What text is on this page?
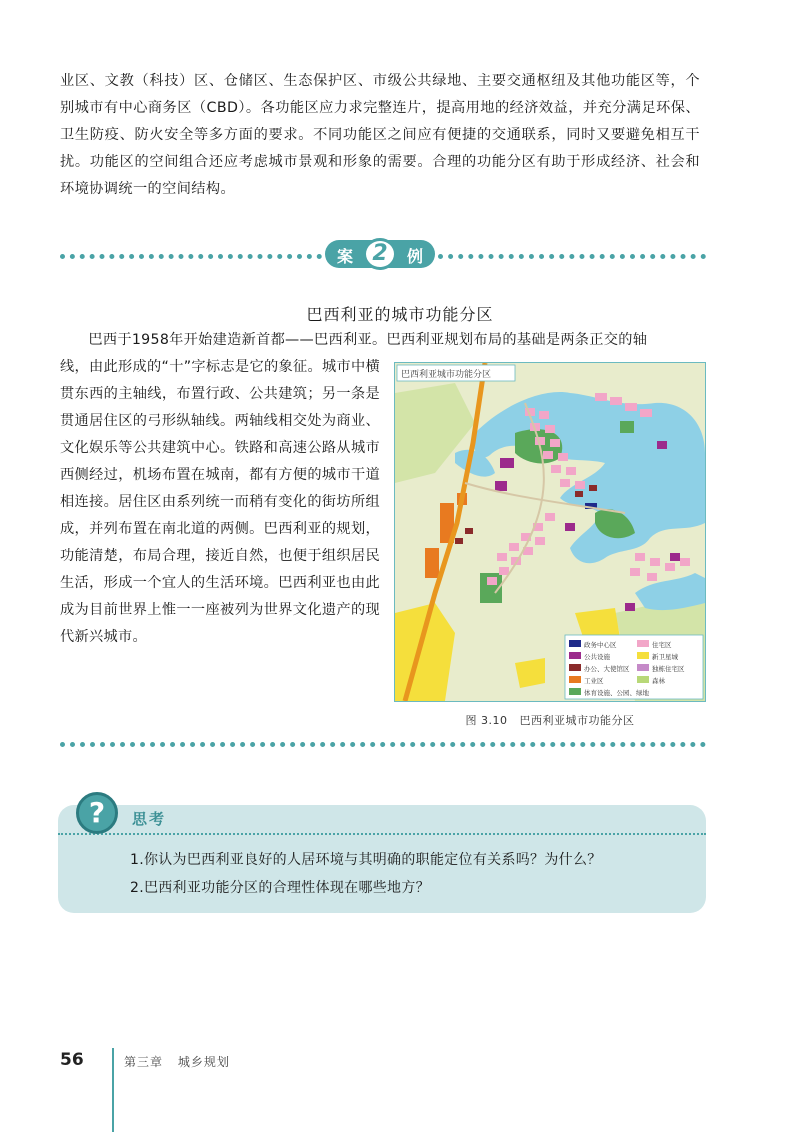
业区、文教（科技）区、仓储区、生态保护区、市级公共绿地、主要交通枢纽及其他功能区等，个别城市有中心商务区（CBD）。各功能区应力求完整连片，提高用地的经济效益，并充分满足环保、卫生防疫、防火安全等多方面的要求。不同功能区之间应有便捷的交通联系，同时又要避免相互干扰。功能区的空间组合还应考虑城市景观和形象的需要。合理的功能分区有助于形成经济、社会和环境协调统一的空间结构。
案 2	例
巴西利亚的城市功能分区
巴西于1958年开始建造新首都——巴西利亚。巴西利亚规划布局的基础是两条正交的轴
线，由此形成的“十”字标志是它的象征。城市中横贯东西的主轴线，布置行政、公共建筑；另一条是贯通居住区的弓形纵轴线。两轴线相交处为商业、文化娱乐等公共建筑中心。铁路和高速公路从城市西侧经过，机场布置在城南，都有方便的城市干道相连接。居住区由系列统一而稍有变化的街坊所组成，并列布置在南北道的两侧。巴西利亚的规划，功能清楚，布局合理，接近自然，也便于组织居民生活，形成一个宜人的生活环境。巴西利亚也由此成为目前世界上惟一一座被列为世界文化遗产的现代新兴城市。
巴西利亚城市功能分区
政务中心区	住宅区
公共设施	新卫星城
办公、大使馆区	独栋住宅区
工业区	森林
体育设施、公园、绿地
图 3.10 巴西利亚城市功能分区
?	思考
1.你认为巴西利亚良好的人居环境与其明确的职能定位有关系吗？为什么？
2.巴西利亚功能分区的合理性体现在哪些地方？
56	第三章 城乡规划
